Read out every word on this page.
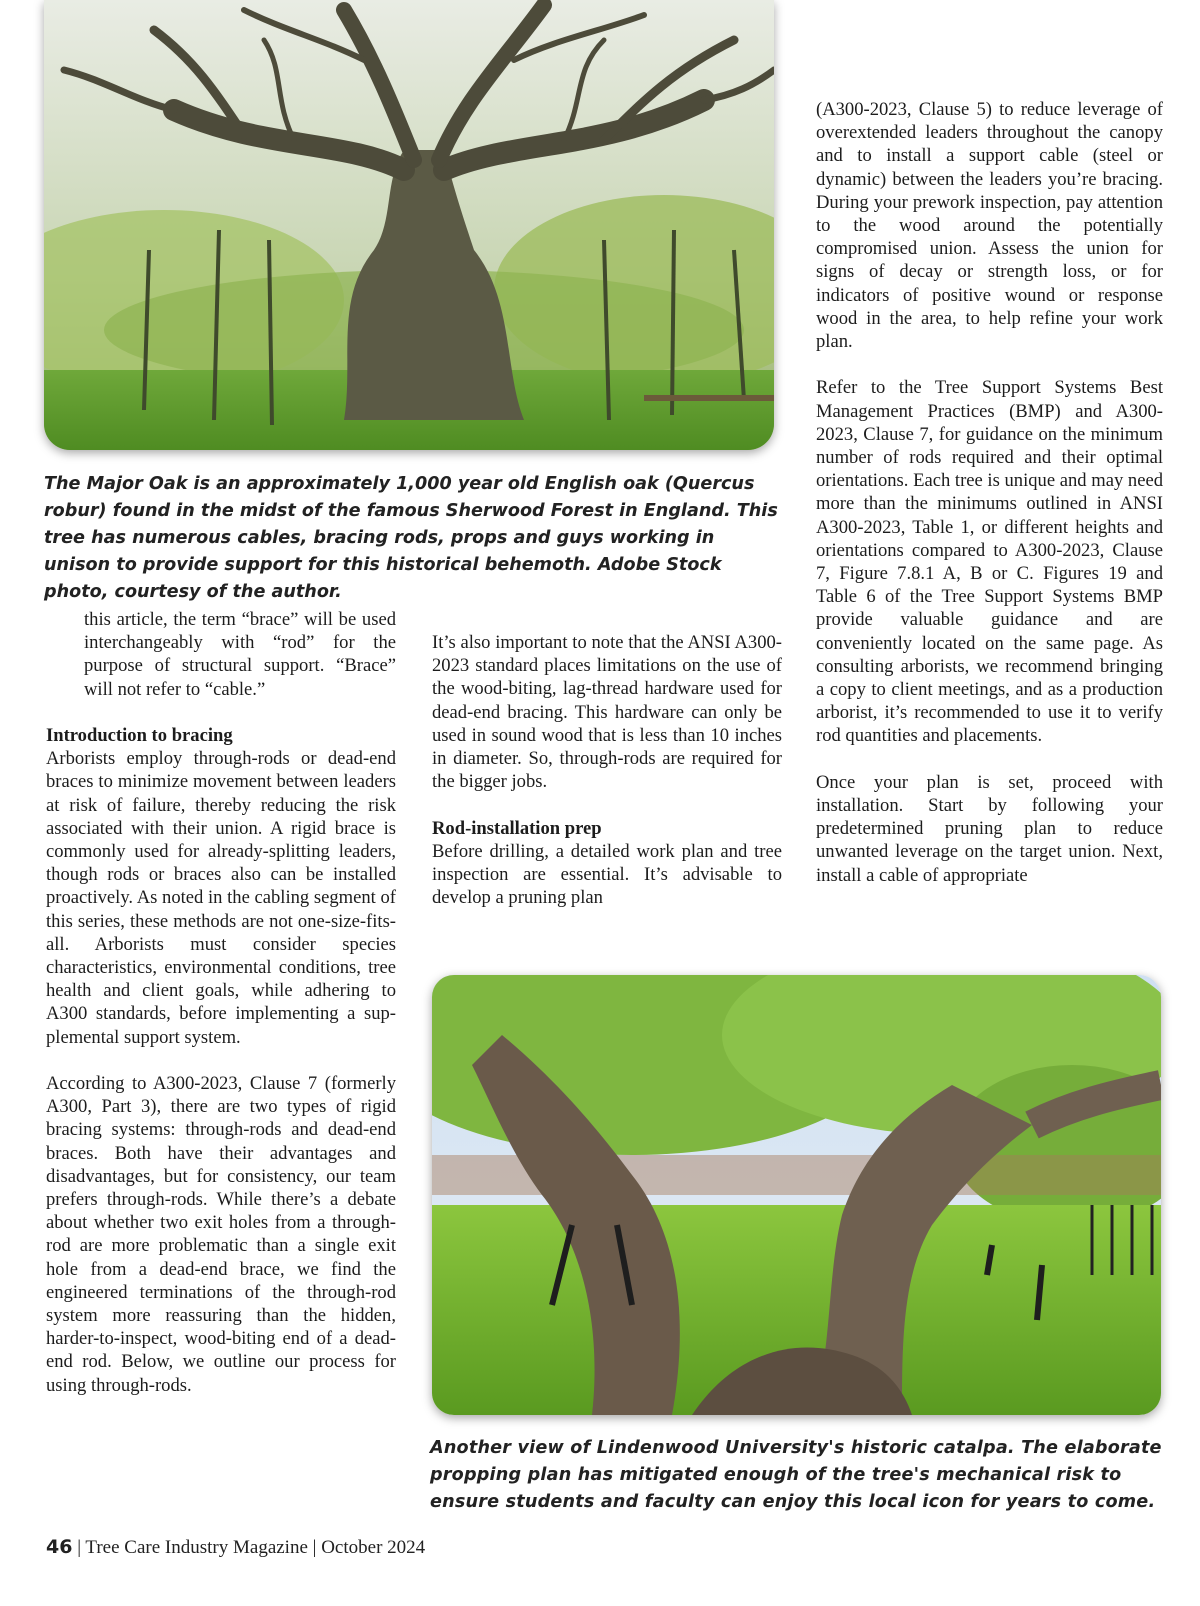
The Major Oak is an approximately 1,000 year old English oak (Quercus robur) found in the midst of the famous Sherwood Forest in England. This tree has numerous cables, bracing rods, props and guys working in unison to provide support for this historical behemoth. Adobe Stock photo, courtesy of the author.

this article, the term “brace” will be used interchangeably with “rod” for the purpose of structural support. “Brace” will not refer to “cable.”

Introduction to bracing

Arborists employ through-rods or dead-end braces to minimize movement between leaders at risk of failure, thereby reducing the risk associated with their union. A rigid brace is commonly used for already-splitting leaders, though rods or braces also can be installed proactively. As noted in the cabling segment of this series, these methods are not one-size-fits-all. Arborists must consider species characteristics, environmental conditions, tree health and client goals, while adhering to A300 standards, before implementing a supplemental support system.

According to A300-2023, Clause 7 (formerly A300, Part 3), there are two types of rigid bracing systems: through-rods and dead-end braces. Both have their advantages and disadvantages, but for consistency, our team prefers through-rods. While there’s a debate about whether two exit holes from a through-rod are more problematic than a single exit hole from a dead-end brace, we find the engineered terminations of the through-rod system more reassuring than the hidden, harder-to-inspect, wood-biting end of a dead-end rod. Below, we outline our process for using through-rods.

It’s also important to note that the ANSI A300-2023 standard places limitations on the use of the wood-biting, lag-thread hardware used for dead-end bracing. This hardware can only be used in sound wood that is less than 10 inches in diameter. So, through-rods are required for the bigger jobs.

Rod-installation prep

Before drilling, a detailed work plan and tree inspection are essential. It’s advisable to develop a pruning plan

(A300-2023, Clause 5) to reduce leverage of overextended leaders throughout the canopy and to install a support cable (steel or dynamic) between the leaders you’re bracing. During your prework inspection, pay attention to the wood around the potentially compromised union. Assess the union for signs of decay or strength loss, or for indicators of positive wound or response wood in the area, to help refine your work plan.

Refer to the Tree Support Systems Best Management Practices (BMP) and A300-2023, Clause 7, for guidance on the minimum number of rods required and their optimal orientations. Each tree is unique and may need more than the minimums outlined in ANSI A300-2023, Table 1, or different heights and orientations compared to A300-2023, Clause 7, Figure 7.8.1 A, B or C. Figures 19 and Table 6 of the Tree Support Systems BMP provide valuable guidance and are conveniently located on the same page. As consulting arborists, we recommend bringing a copy to client meetings, and as a production arborist, it’s recommended to use it to verify rod quantities and placements.

Once your plan is set, proceed with installation. Start by following your predetermined pruning plan to reduce unwanted leverage on the target union. Next, install a cable of appropriate

Another view of Lindenwood University's historic catalpa. The elaborate propping plan has mitigated enough of the tree's mechanical risk to ensure students and faculty can enjoy this local icon for years to come.

46 | Tree Care Industry Magazine | October 2024
